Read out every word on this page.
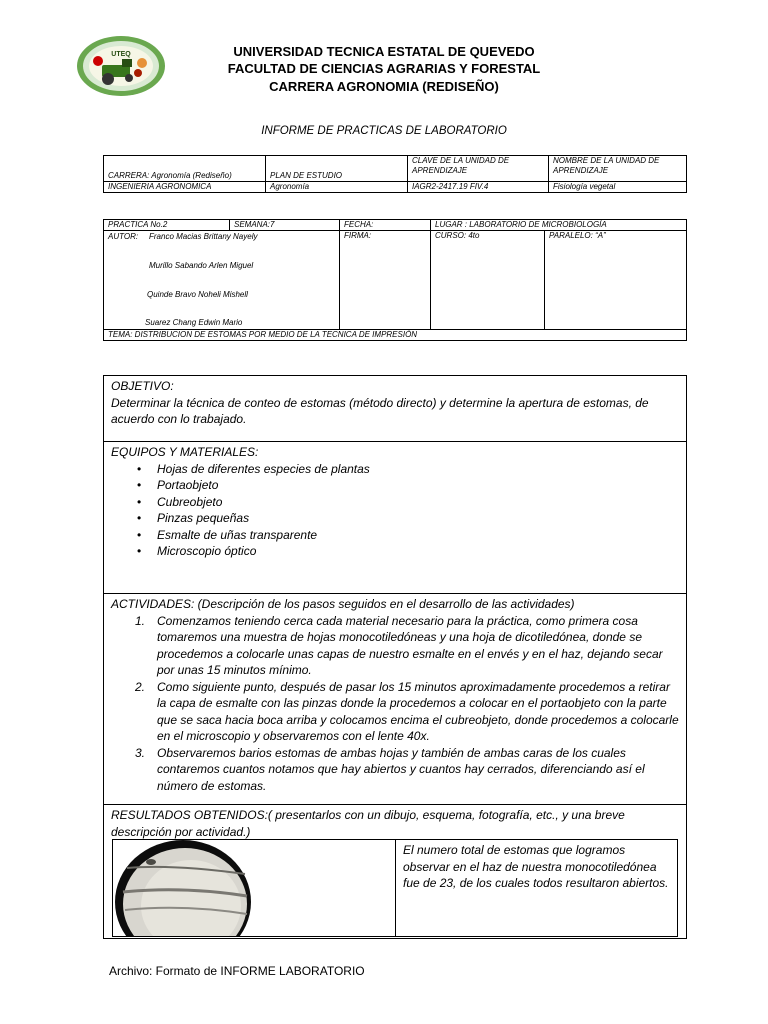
UTEQ	UNIVERSIDAD TECNICA ESTATAL DE QUEVEDO
FACULTAD DE CIENCIAS AGRARIAS Y FORESTAL
CARRERA AGRONOMIA (REDISEÑO)
INFORME DE PRACTICAS DE LABORATORIO
CARRERA: Agronomía (Rediseño)	PLAN DE ESTUDIO	CLAVE DE LA UNIDAD DE APRENDIZAJE	NOMBRE DE LA UNIDAD DE APRENDIZAJE
INGENIERIA AGRONOMICA	Agronomía	IAGR2-2417.19 FIV.4	Fisiología vegetal
PRACTICA No.2	SEMANA:7	FECHA:	LUGAR : LABORATORIO DE MICROBIOLOGÍA	

AUTOR: Franco Macias Brittany Nayely
Murillo Sabando Arlen Miguel
Quinde Bravo Noheli Mishell
Suarez Chang Edwin Mario		FIRMA:	CURSO: 4to	PARALELO: “A”
TEMA: DISTRIBUCION DE ESTOMAS POR MEDIO DE LA TECNICA DE IMPRESIÓN				
OBJETIVO:
Determinar la técnica de conteo de estomas (método directo) y determine la apertura de estomas, de acuerdo con lo trabajado.
EQUIPOS Y MATERIALES:
• Hojas de diferentes especies de plantas
• Portaobjeto
• Cubreobjeto
• Pinzas pequeñas
• Esmalte de uñas transparente
• Microscopio óptico
ACTIVIDADES: (Descripción de los pasos seguidos en el desarrollo de las actividades)
1. Comenzamos teniendo cerca cada material necesario para la práctica, como primera cosa tomaremos una muestra de hojas monocotiledóneas y una hoja de dicotiledónea, donde se procedemos a colocarle unas capas de nuestro esmalte en el envés y en el haz, dejando secar por unas 15 minutos mínimo.
2. Como siguiente punto, después de pasar los 15 minutos aproximadamente procedemos a retirar la capa de esmalte con las pinzas donde la procedemos a colocar en el portaobjeto con la parte que se saca hacia boca arriba y colocamos encima el cubreobjeto, donde procedemos a colocarle en el microscopio y observaremos con el lente 40x.
3. Observaremos barios estomas de ambas hojas y también de ambas caras de los cuales contaremos cuantos notamos que hay abiertos y cuantos hay cerrados, diferenciando así el número de estomas.
RESULTADOS OBTENIDOS:( presentarlos con un dibujo, esquema, fotografía, etc., y una breve descripción por actividad.)
El numero total de estomas que logramos observar en el haz de nuestra monocotiledónea fue de 23, de los cuales todos resultaron abiertos.
Archivo: Formato de INFORME LABORATORIO
